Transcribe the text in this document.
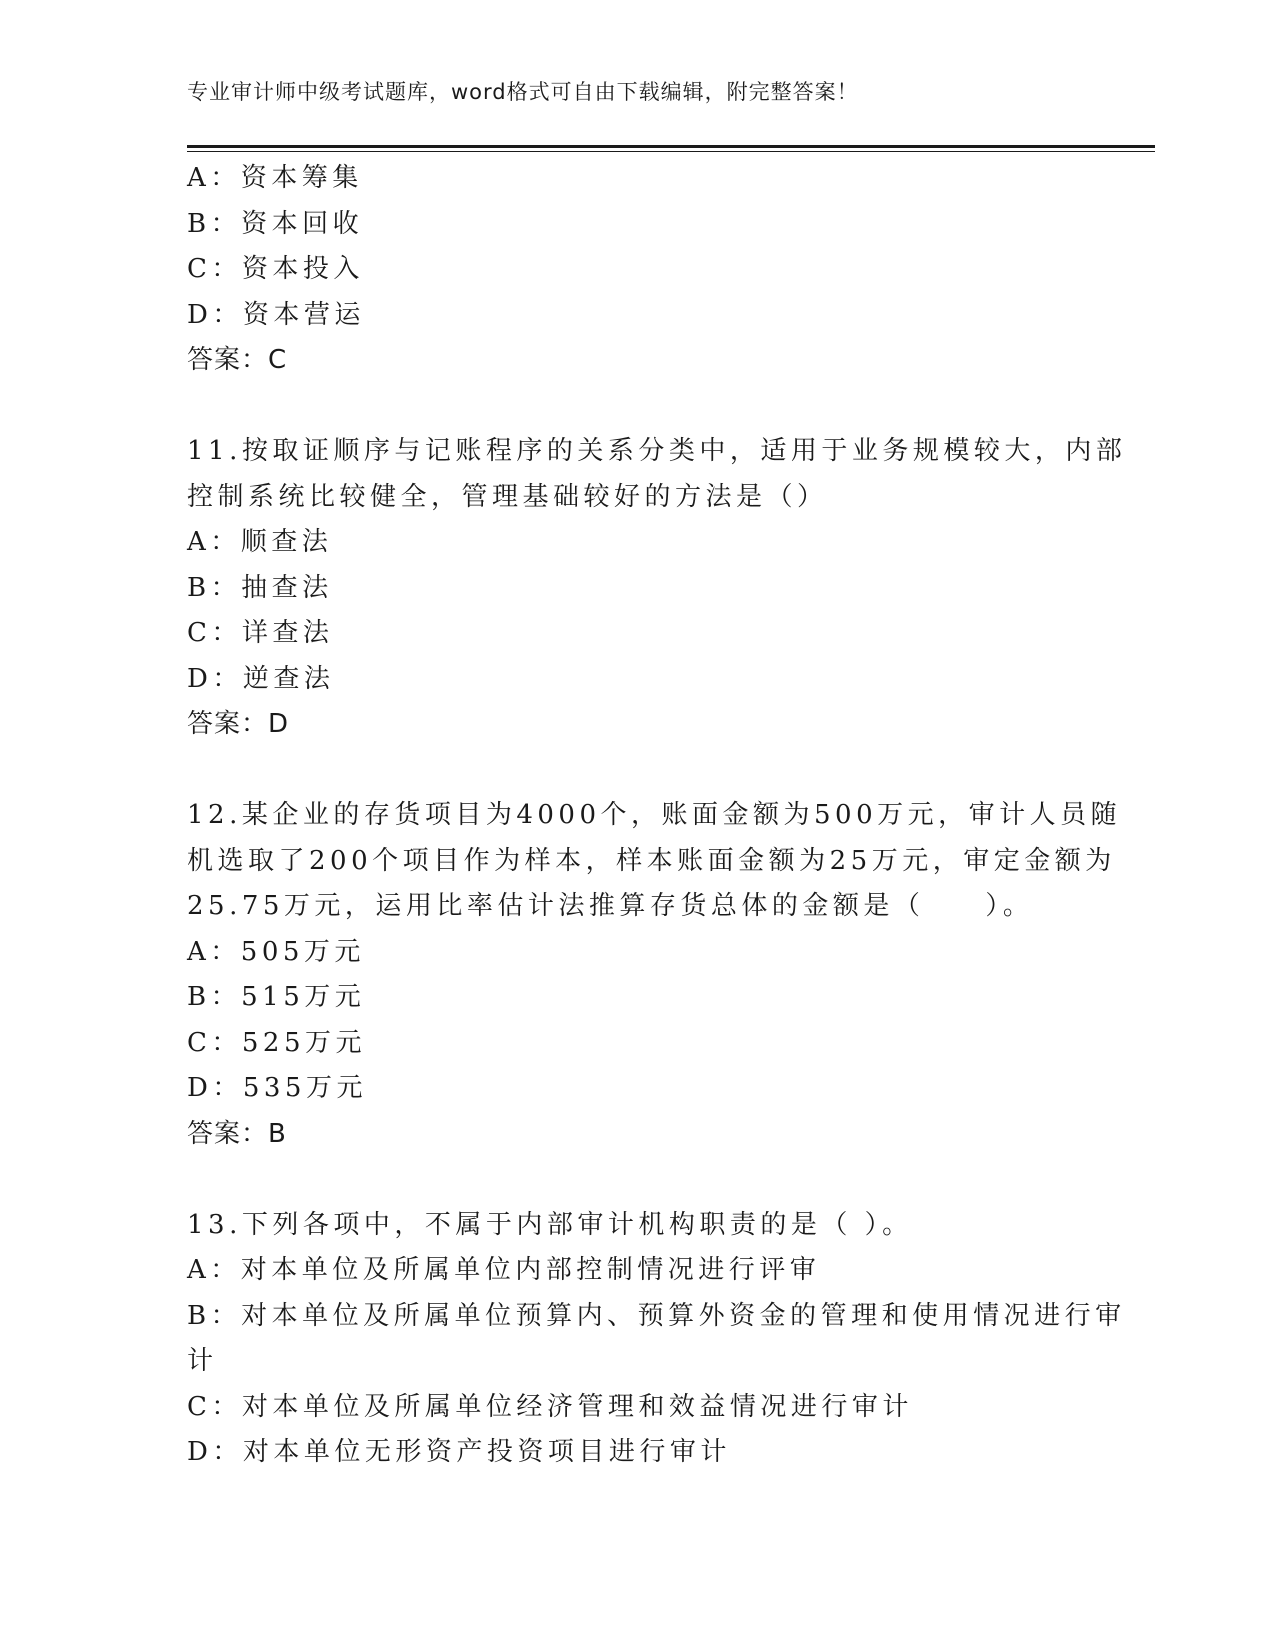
专业审计师中级考试题库，word格式可自由下载编辑，附完整答案！
A：资本筹集
B：资本回收
C：资本投入
D：资本营运
答案：C
11.按取证顺序与记账程序的关系分类中，适用于业务规模较大，内部
控制系统比较健全，管理基础较好的方法是（）
A：顺查法
B：抽查法
C：详查法
D：逆查法
答案：D
12.某企业的存货项目为4000个，账面金额为500万元，审计人员随
机选取了200个项目作为样本，样本账面金额为25万元，审定金额为
25.75万元，运用比率估计法推算存货总体的金额是（　　）。
A：505万元
B：515万元
C：525万元
D：535万元
答案：B
13.下列各项中，不属于内部审计机构职责的是（ ）。
A：对本单位及所属单位内部控制情况进行评审
B：对本单位及所属单位预算内、预算外资金的管理和使用情况进行审
计
C：对本单位及所属单位经济管理和效益情况进行审计
D：对本单位无形资产投资项目进行审计
